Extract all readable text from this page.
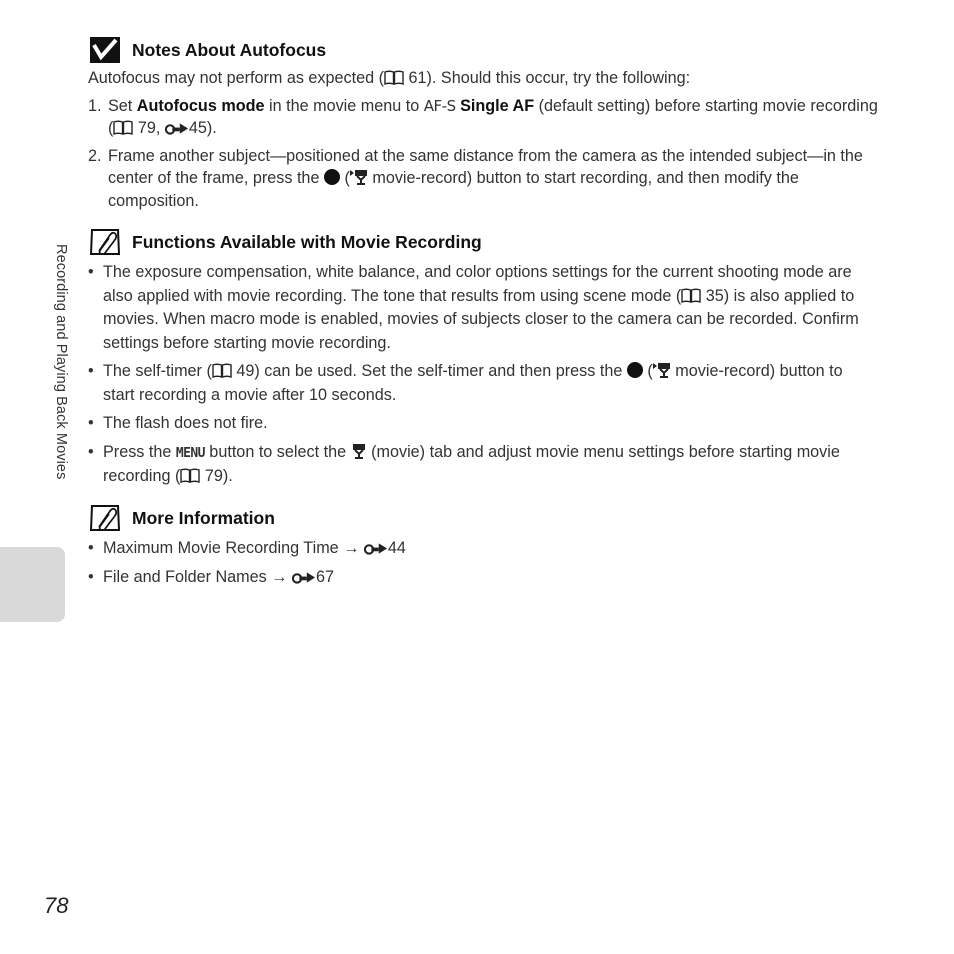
Recording and Playing Back Movies
Notes About Autofocus

Autofocus may not perform as expected ( 61). Should this occur, try the following:

1. Set Autofocus mode in the movie menu to AF-S Single AF (default setting) before starting movie recording ( 79, 45).

2. Frame another subject—positioned at the same distance from the camera as the intended subject—in the center of the frame, press the  ( movie-record) button to start recording, and then modify the composition.

Functions Available with Movie Recording
• The exposure compensation, white balance, and color options settings for the current shooting mode are also applied with movie recording. The tone that results from using scene mode ( 35) is also applied to movies. When macro mode is enabled, movies of subjects closer to the camera can be recorded. Confirm settings before starting movie recording.

• The self-timer ( 49) can be used. Set the self-timer and then press the  ( movie-record) button to start recording a movie after 10 seconds.

• The flash does not fire.

• Press the MENU button to select the  (movie) tab and adjust movie menu settings before starting movie recording ( 79).

More Information
• Maximum Movie Recording Time → 44

• File and Folder Names → 67

78
